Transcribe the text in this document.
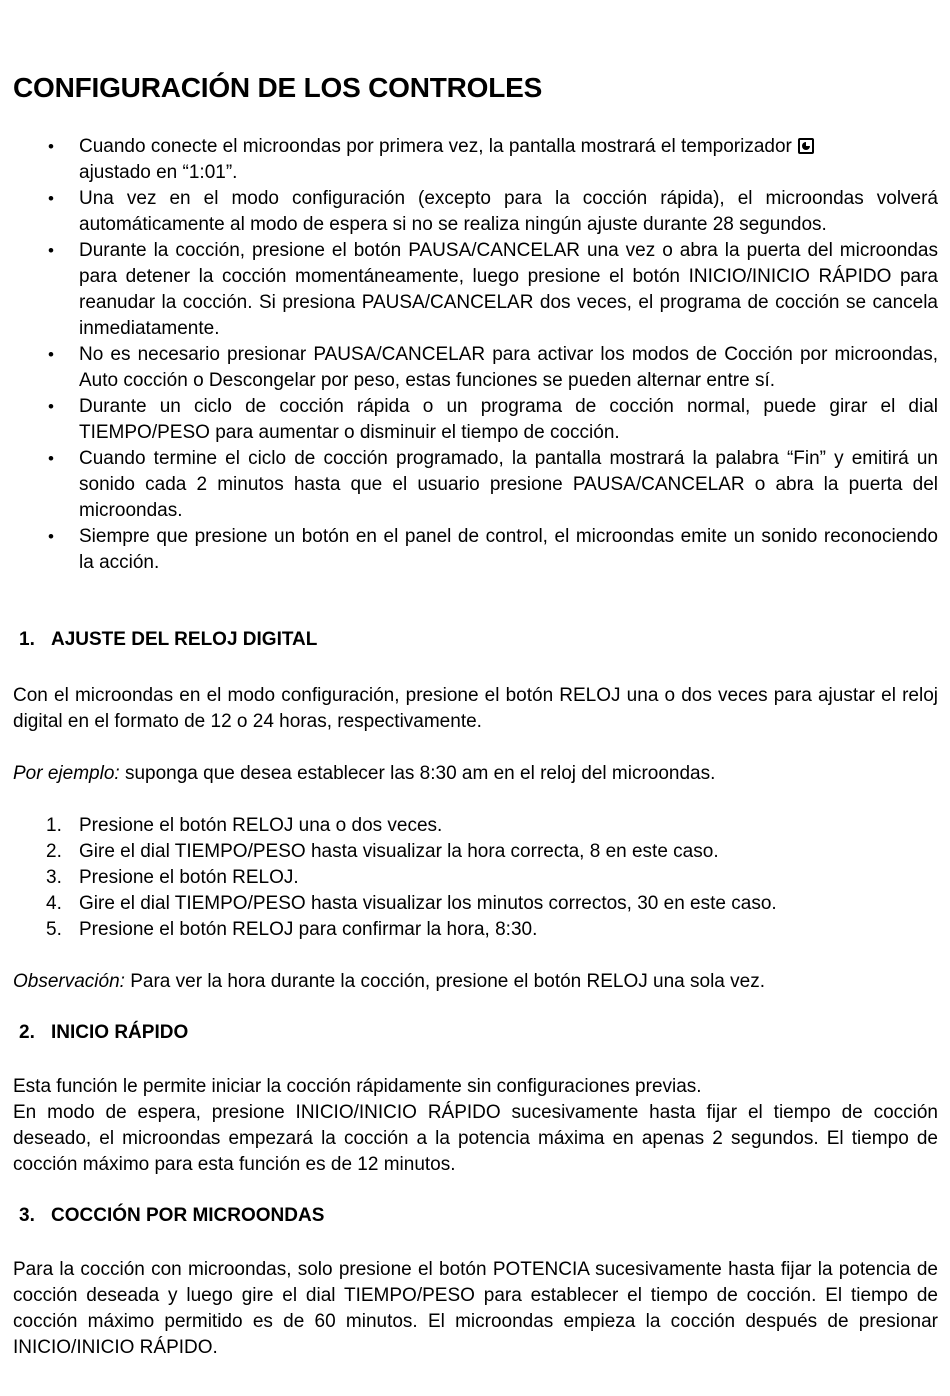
CONFIGURACIÓN DE LOS CONTROLES
• Cuando conecte el microondas por primera vez, la pantalla mostrará el temporizador
ajustado en “1:01”.
• Una vez en el modo configuración (excepto para la cocción rápida), el microondas volverá automáticamente al modo de espera si no se realiza ningún ajuste durante 28 segundos.
• Durante la cocción, presione el botón PAUSA/CANCELAR una vez o abra la puerta del microondas para detener la cocción momentáneamente, luego presione el botón INICIO/INICIO RÁPIDO para reanudar la cocción. Si presiona PAUSA/CANCELAR dos veces, el programa de cocción se cancela inmediatamente.
• No es necesario presionar PAUSA/CANCELAR para activar los modos de Cocción por microondas, Auto cocción o Descongelar por peso, estas funciones se pueden alternar entre sí.
• Durante un ciclo de cocción rápida o un programa de cocción normal, puede girar el dial TIEMPO/PESO para aumentar o disminuir el tiempo de cocción.
• Cuando termine el ciclo de cocción programado, la pantalla mostrará la palabra “Fin” y emitirá un sonido cada 2 minutos hasta que el usuario presione PAUSA/CANCELAR o abra la puerta del microondas.
• Siempre que presione un botón en el panel de control, el microondas emite un sonido reconociendo la acción.
1. AJUSTE DEL RELOJ DIGITAL

Con el microondas en el modo configuración, presione el botón RELOJ una o dos veces para ajustar el reloj digital en el formato de 12 o 24 horas, respectivamente.

Por ejemplo: suponga que desea establecer las 8:30 am en el reloj del microondas.

1. Presione el botón RELOJ una o dos veces.
2. Gire el dial TIEMPO/PESO hasta visualizar la hora correcta, 8 en este caso.
3. Presione el botón RELOJ.
4. Gire el dial TIEMPO/PESO hasta visualizar los minutos correctos, 30 en este caso.
5. Presione el botón RELOJ para confirmar la hora, 8:30.

Observación: Para ver la hora durante la cocción, presione el botón RELOJ una sola vez.

2. INICIO RÁPIDO

Esta función le permite iniciar la cocción rápidamente sin configuraciones previas.

En modo de espera, presione INICIO/INICIO RÁPIDO sucesivamente hasta fijar el tiempo de cocción deseado, el microondas empezará la cocción a la potencia máxima en apenas 2 segundos. El tiempo de cocción máximo para esta función es de 12 minutos.

3. COCCIÓN POR MICROONDAS

Para la cocción con microondas, solo presione el botón POTENCIA sucesivamente hasta fijar la potencia de cocción deseada y luego gire el dial TIEMPO/PESO para establecer el tiempo de cocción. El tiempo de cocción máximo permitido es de 60 minutos. El microondas empieza la cocción después de presionar INICIO/INICIO RÁPIDO.
